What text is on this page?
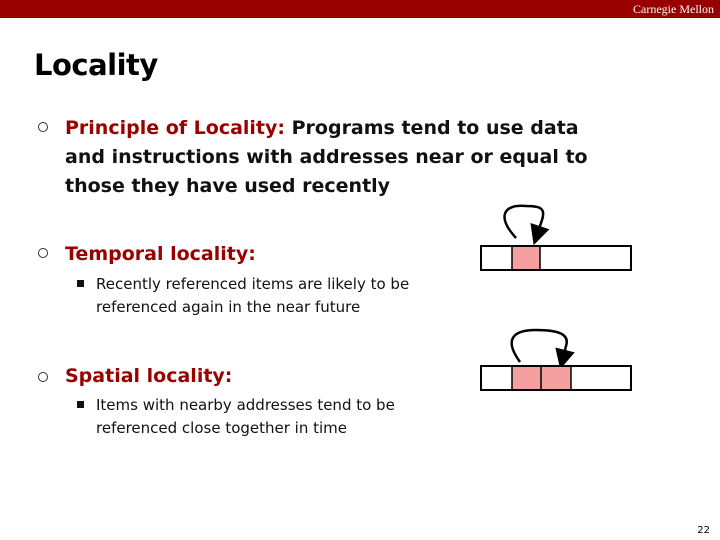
Carnegie Mellon
Locality
Principle of Locality: Programs tend to use data and instructions with addresses near or equal to those they have used recently
Temporal locality:
Recently referenced items are likely to be referenced again in the near future
Spatial locality:
Items with nearby addresses tend to be referenced close together in time
22
